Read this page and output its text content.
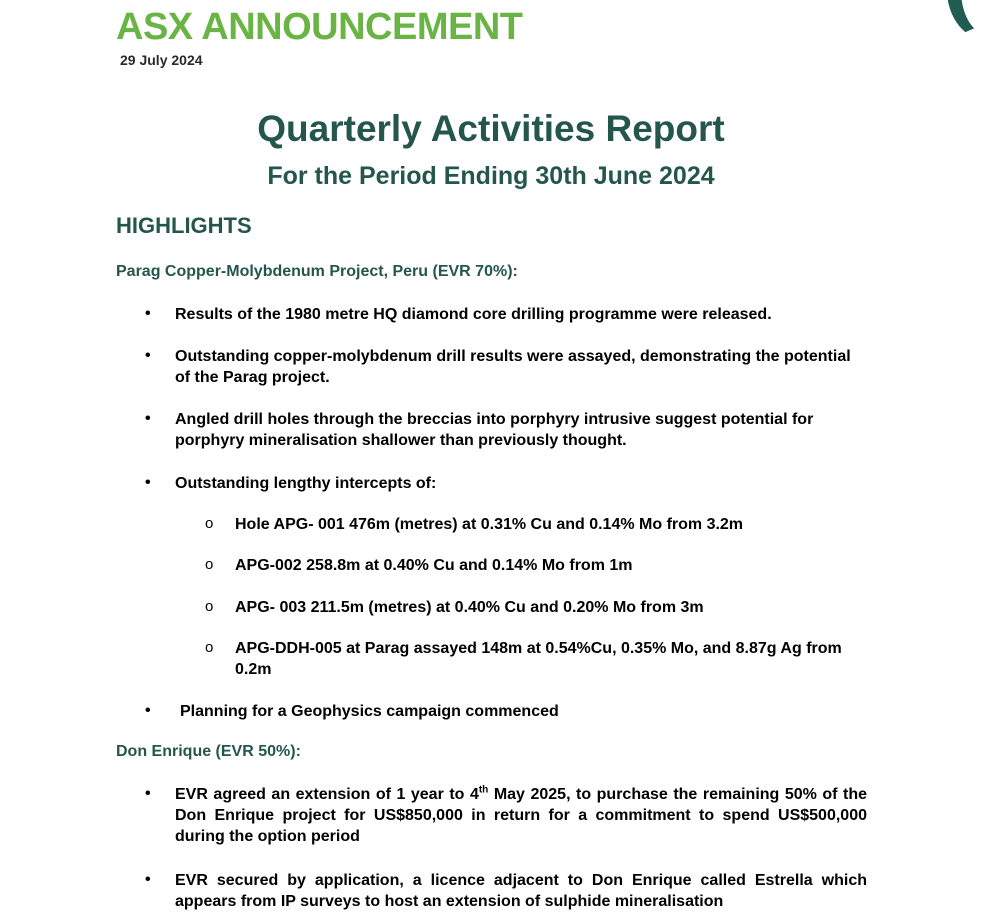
ASX ANNOUNCEMENT
29 July 2024
Quarterly Activities Report
For the Period Ending 30th June 2024
HIGHLIGHTS
Parag Copper-Molybdenum Project, Peru (EVR 70%):
• Results of the 1980 metre HQ diamond core drilling programme were released.
• Outstanding copper-molybdenum drill results were assayed, demonstrating the potential of the Parag project.
• Angled drill holes through the breccias into porphyry intrusive suggest potential for porphyry mineralisation shallower than previously thought.
• Outstanding lengthy intercepts of:
o Hole APG- 001 476m (metres) at 0.31% Cu and 0.14% Mo from 3.2m
o APG-002 258.8m at 0.40% Cu and 0.14% Mo from 1m
o APG- 003 211.5m (metres) at 0.40% Cu and 0.20% Mo from 3m
o APG-DDH-005 at Parag assayed 148m at 0.54%Cu, 0.35% Mo, and 8.87g Ag from 0.2m
• Planning for a Geophysics campaign commenced
Don Enrique (EVR 50%):
• EVR agreed an extension of 1 year to 4th May 2025, to purchase the remaining 50% of the Don Enrique project for US$850,000 in return for a commitment to spend US$500,000 during the option period
• EVR secured by application, a licence adjacent to Don Enrique called Estrella which appears from IP surveys to host an extension of sulphide mineralisation
